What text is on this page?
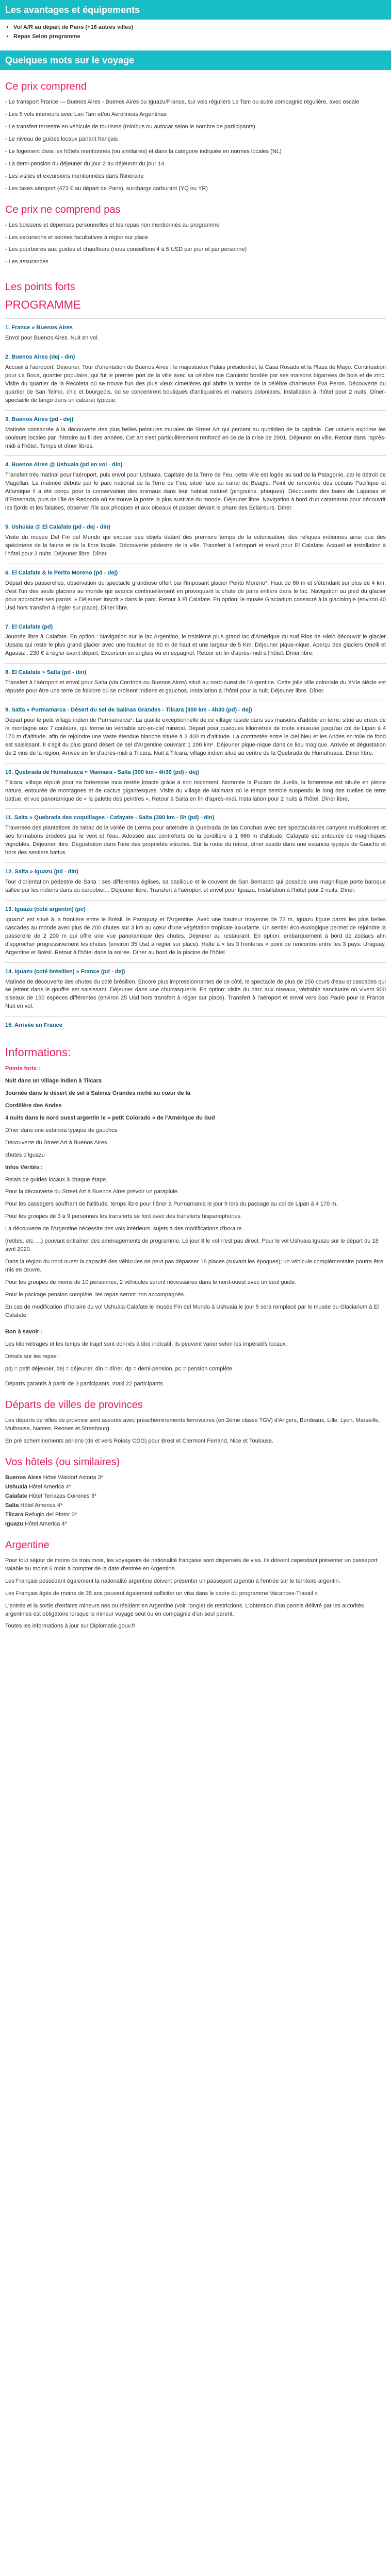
Les avantages et équipements
• Vol A/R au départ de Paris (+16 autres villes)
• Repas Selon programme
Quelques mots sur le voyage
Ce prix comprend

- Le transport France — Buenos Aires - Buenos Aires ou Iguazu/France, sur vols réguliers Le Tam ou autre compagnie régulière, avec escale

- Les 5 vols intérieurs avec Lan Tam et/ou Aerolineas Argentinas

- Le transfert terrestre en véhicule de tourisme (minibus ou autocar selon le nombre de participants)

- Le niveau de guides locaux parlant français

- Le logement dans les hôtels mentionnés (ou similaires) et dans la catégorie indiquée en normes locales (NL)

- La demi-pension du déjeuner du jour 2 au déjeuner du jour 14

- Les visites et excursions mentionnées dans l'itinéraire

- Les taxes aéroport (473 € au départ de Paris), surcharge carburant (YQ ou YR)

Ce prix ne comprend pas

- Les boissons et dépenses personnelles et les repas non mentionnés au programme

- Les excursions et soirées facultatives à régler sur place

- Les pourboires aux guides et chauffeurs (nous conseillons 4 à 5 USD par jour et par personne)

- Les assurances

Les points forts
PROGRAMME
1. France » Buenos Aires
Envol pour Buenos Aires. Nuit en vol.
2. Buenos Aires (dej - din)
Accueil à l'aéroport. Déjeuner. Tour d'orientation de Buenos Aires : le majestueux Palais présidentiel, la Casa Rosada et la Plaza de Mayo. Continuation pour La Boca, quartier populaire, qui fut le premier port de la ville avec sa célèbre rue Caminito bordée par ses maisons bigarrées de bois et de zinc. Visite du quartier de la Recoleta où se trouve l'un des plus vieux cimetières qui abrite la tombe de la célèbre chanteuse Eva Peron. Découverte du quartier de San Telmo, chic et bourgeois, où se concentrent boutiques d'antiquaires et maisons coloniales. Installation à l'hôtel pour 2 nuits. Dîner-spectacle de tango dans un cabaret typique.
3. Buenos Aires (pd - dej)
Matinée consacrée à la découverte des plus belles peintures murales de Street Art qui percent au quotidien de la capitale. Cet univers exprime les couleurs locales par l'histoire au fil des années. Cet art s'est particulièrement renforcé en ce de la crise de 2001. Déjeuner en ville. Retour dans l'après-midi à l'hôtel. Temps et dîner libres.
4. Buenos Aires @ Ushuaia (pd en vol - din)
Transfert très matinal pour l'aéroport, puis envol pour Ushuaia. Capitale de la Terre de Feu, cette ville est logée au sud de la Patagonie, par le détroit de Magellan. La matinée débute par le parc national de la Terre de Feu, situé face au canal de Beagle. Point de rencontre des océans Pacifique et Atlantique il a été conçu pour la conservation des animaux dans leur habitat naturel (pingouins, phoques). Découverte des baies de Lapataia et d'Ensenada, puis de l'île de Redonda où se trouve la poste la plus australe du monde. Déjeuner libre. Navigation à bord d'un catamaran pour découvrir les fjords et les falaises, observer l'île aux phoques et aux oiseaux et passer devant le phare des Eclaireurs. Dîner.
5. Ushuaia @ El Calafate (pd - dej - din)
Visite du musée Del Fin del Mundo qui expose des objets datant des premiers temps de la colonisation, des reliques indiennes ainsi que des spécimens de la faune et de la flore locale. Découverte pédestre de la ville. Transfert à l'aéroport et envol pour El Calafate. Accueil et installation à l'hôtel pour 3 nuits. Déjeuner libre. Dîner.
6. El Calafate & le Perito Moreno (pd - dej)
Départ des passerelles, observation du spectacle grandiose offert par l'imposant glacier Perito Moreno*. Haut de 60 m et s'étendant sur plus de 4 km, c'est l'un des seuls glaciers au monde qui avance continuellement en provoquant la chute de pans entiers dans le lac. Navigation au pied du glacier pour approcher ses parois. » Déjeuner inscrit » dans le parc. Retour à El Calafate. En option: le musée Glaciarium consacré à la glaciologie (environ 40 Usd hors transfert à régler sur place). Dîner libre.
7. El Calafate (pd)
Journée libre à Calafate. En option : Navigation sur le lac Argentino, le troisième plus grand lac d'Amérique du sud Rios de Hielo découvrir le glacier Upsala qui reste le plus grand glacier avec une hauteur de 60 m de haut et une largeur de 5 Km. Déjeuner pique-nique. Aperçu des glaciers Onelli et Agassiz : 230 € à régler avant départ. Excursion en anglais ou en espagnol. Retour en fin d'après-midi à l'hôtel. Dîner libre.
8. El Calafate » Salta (pd - din)
Transfert à l'aéroport et envol pour Salta (via Cordoba ou Buenos Aires) situé au nord-ouest de l'Argentine. Cette jolie ville coloniale du XVIe siècle est réputée pour être une terre de folklore où se croisent Indiens et gauchos. Installation à l'hôtel pour la nuit. Déjeuner libre. Dîner.
9. Salta » Purmamarca - Désert du sel de Salinas Grandes - Tilcara (300 km - 4h30 (pd) - dej)
Départ pour le petit village indien de Purmamarca*. La qualité exceptionnelle de ce village réside dans ses maisons d'adobe en terre, situé au creux de la montagne aux 7 couleurs, qui forme un véritable arc-en-ciel minéral. Départ pour quelques kilomètres de route sinueuse jusqu'au col de Lipan à 4 170 m d'altitude, afin de rejoindre une vaste étendue blanche située à 3 400 m d'altitude. La contrastée entre le ciel bleu et les Andes en toile de fond est saisissant. Il s'agit du plus grand désert de sel d'Argentine couvrant 1 200 km². Déjeuner pique-nique dans ce lieu magique. Arrivée et dégustation de 2 vins de la région. Arrivée en fin d'après-midi à Tilcara. Nuit à Tilcara, village indien situé au centre de la Quebrada de Humahuaca. Dîner libre.
10. Quebrada de Humahuaca » Maimara - Salta (300 km - 4h30 (pd) - dej)
Tilcara, village réputé pour sa forteresse inca restée intacte grâce à son isolement. Nommée la Pucara de Juella, la forteresse est située en pleine nature, entourée de montagnes et de cactus gigantesques. Visite du village de Maimara où le temps semble suspendu le long des ruelles de terre battue, et vue panoramique de « la palette des peintres ». Retour à Salta en fin d'après-midi. Installation pour 2 nuits à l'hôtel. Dîner libre.
11. Salta » Quebrada des coquillages - Cafayate - Salta (390 km - 5h (pd) - din)
Traversée des plantations de tabac de la vallée de Lerma pour atteindre la Quebrada de las Conchas avec ses spectaculaires canyons multicolores et ses formations érodées par le vent et l'eau. Adossée aux contreforts de la cordillère à 1 660 m d'altitude, Cafayate est entourée de magnifiques vignobles. Déjeuner libre. Dégustation dans l'une des propriétés viticoles. Sur la route du retour, dîner asado dans une estancia typique de Gaucho et hors des sentiers battus.
12. Salta » Iguazu (pd - din)
Tour d'orientation pédestre de Salta : ses différentes églises, sa basilique et le couvent de San Bernardo qui possède une magnifique porte baroque taillée par les indiens dans du caroubier... Déjeuner libre. Transfert à l'aéroport et envol pour Iguazu. Installation à l'hôtel pour 2 nuits. Dîner.
13. Iguazu (coté argentin) (pc)
Iguazu* est situé à la frontière entre le Brésil, le Paraguay et l'Argentine. Avec une hauteur moyenne de 72 m, Iguazu figure parmi les plus belles cascades au monde avec plus de 200 chutes sur 3 km au cœur d'une végétation tropicale luxuriante. Un sentier éco-écologique permet de rejoindre la passerelle de 2 200 m qui offre une vue panoramique des chutes. Déjeuner au restaurant. En option: embarquement à bord de zodiacs afin d'approcher progressivement les chutes (environ 35 Usd à régler sur place). Halte à « las 3 fronteras » point de rencontre entre les 3 pays: Uruguay, Argentine et Brésil. Retour à l'hôtel dans la soirée. Dîner au bord de la piscine de l'hôtel.
14. Iguazu (coté brésilien) » France (pd - dej)
Matinée de découverte des chutes du coté brésilien. Encore plus impressionnantes de ce côté, le spectacle de plus de 250 cours d'eau et cascades qui se jettent dans le gouffre est saisissant. Déjeuner dans une churrasqueria. En option: visite du parc aux oiseaux, véritable sanctuaire où vivent 900 oiseaux de 150 espèces différentes (environ 25 Usd hors transfert à régler sur place). Transfert à l'aéroport et envol vers Sao Paulo pour la France. Nuit en vol.
15. Arrivée en France
Informations:

Points forts :

Nuit dans un village indien à Tilcara

Journée dans le désert de sel à Salinas Grandes niché au cœur de la

Cordillère des Andes

4 nuits dans le nord ouest argentin le « petit Colorado » de l'Amérique du Sud

Dîner dans une estancia typique de gauchos

Découverte du Street Art à Buenos Aires

chutes d'Iguazu

Infos Vérités :

Relais de guides locaux à chaque étape.

Pour la découverte du Street Art à Buenos Aires prévoir un parapluie.

Pour les passagers souffrant de l'altitude, temps libre pour flâner à Purmamarca le jour 9 lors du passage au col de Lipan à 4 170 m.

Pour les groupes de 3 à 9 personnes les transferts se font avec des transferts hispanophones.

La découverte de l'Argentine nécessite des vols intérieurs, sujets à des modifications d'horaire

(retites, etc. ...) pouvant entraîner des aménagements de programme. Le jour 8 le vol n'est pas direct. Pour le vol Ushuaia Iguazu sur le départ du 18 avril 2020.

Dans la région du nord ouest la capacité des véhicules ne peut pas dépasser 18 places (suivant les époques); un véhicule complémentaire pourra être mis en œuvre.

Pour les groupes de moins de 10 personnes, 2 véhicules seront nécessaires dans le nord-ouest avec un seul guide.

Pour le package pension complète, les repas seront non accompagnés.

En cas de modification d'horaire du vol Ushuaia-Calafate le musée Fin del Mundo à Ushuaia le jour 5 sera remplacé par le musée du Glaciarium à El Calafate.

Bon à savoir :

Les kilométrages et les temps de trajet sont donnés à titre indicatif, ils peuvent varier selon les impératifs locaux.

Détails sur les repas :

pdj = petit déjeuner, dej = déjeuner, din = dîner, dp = demi-pension, pc = pension complète.

Départs garantis à partir de 3 participants, maxi 22 participants

Départs de villes de provinces

Les départs de villes de province sont assurés avec préacheminements ferroviaires (en 2ème classe TGV) d'Angers, Bordeaux, Lille, Lyon, Marseille, Mulhouse, Nantes, Rennes et Strasbourg.

En pré acheminements aériens (de et vers Roissy CDG) pour Brest et Clermont Ferrand, Nice et Toulouse.

Vos hôtels (ou similaires)

Buenos Aires Hôtel Waldorf Astoria 3*

Ushuaia Hôtel America 4*

Calafate Hôtel Terrazas Coirones 3*

Salta Hôtel America 4*

Tilcara Refugio del Pintor 3*

Iguazu Hôtel America 4*

Argentine

Pour tout séjour de moins de trois mois, les voyageurs de nationalité française sont dispensés de visa. Ils doivent cependant présenter un passeport valable au moins 6 mois à compter de la date d'entrée en Argentine.

Les Français possédant également la nationalité argentine doivent présenter un passeport argentin à l'entrée sur le territoire argentin.

Les Français âgés de moins de 35 ans peuvent également solliciter un visa dans le cadre du programme Vacances-Travail »

L'entrée et la sortie d'enfants mineurs nés ou résident en Argentine (voir l'onglet de restrictions. L'obtention d'un permis délivré par les autorités argentines est obligatoire lorsque le mineur voyage seul ou en compagnie d'un seul parent.

Toutes les informations à jour sur Diplomatie.gouv.fr
